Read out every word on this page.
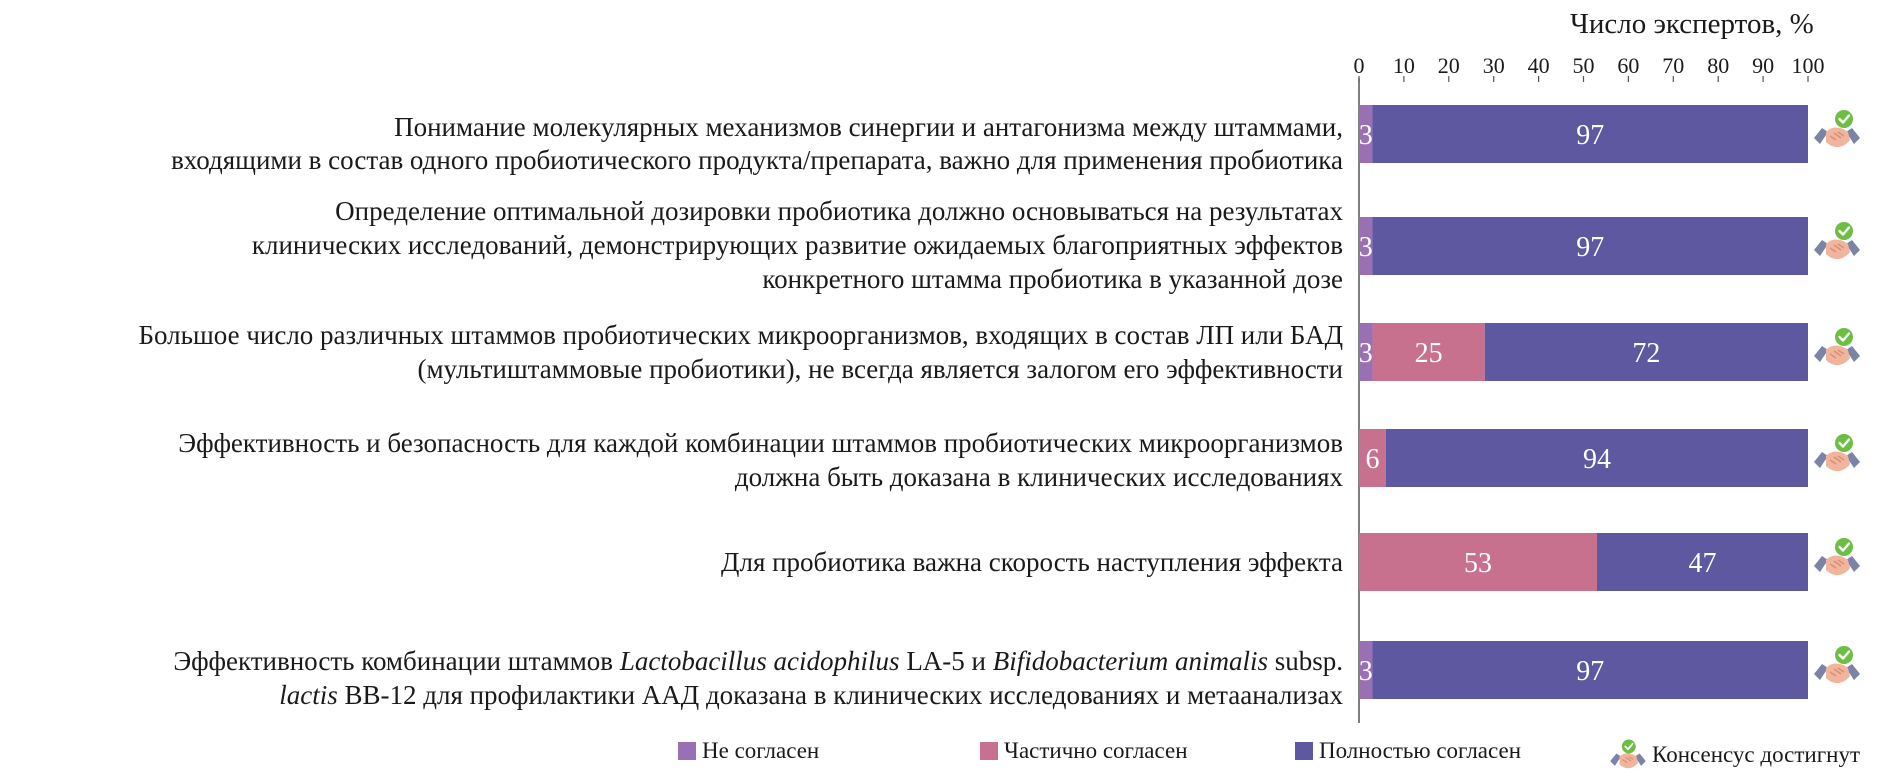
0 10 20 30 40 50 60 70 80 90 100
3	97
3	97
3 25	72
6	94
53	47
3	97
Число экспертов, %
Понимание молекулярных механизмов синергии и антагонизма между штаммами,
входящими в состав одного пробиотического продукта/препарата, важно для применения пробиотика
Определение оптимальной дозировки пробиотика должно основываться на результатах
клинических исследований, демонстрирующих развитие ожидаемых благоприятных эффектов
конкретного штамма пробиотика в указанной дозе
Большое число различных штаммов пробиотических микроорганизмов, входящих в состав ЛП или БАД
(мультиштаммовые пробиотики), не всегда является залогом его эффективности
Эффективность и безопасность для каждой комбинации штаммов пробиотических микроорганизмов
должна быть доказана в клинических исследованиях
Для пробиотика важна скорость наступления эффекта
Эффективность комбинации штаммов Lactobacillus acidophilus LA-5 и Bifidobacterium animalis subsp.
lactis BB-12 для профилактики ААД доказана в клинических исследованиях и метаанализах
Не согласен	Частично согласен	Полностью согласен	Консенсус достигнут
